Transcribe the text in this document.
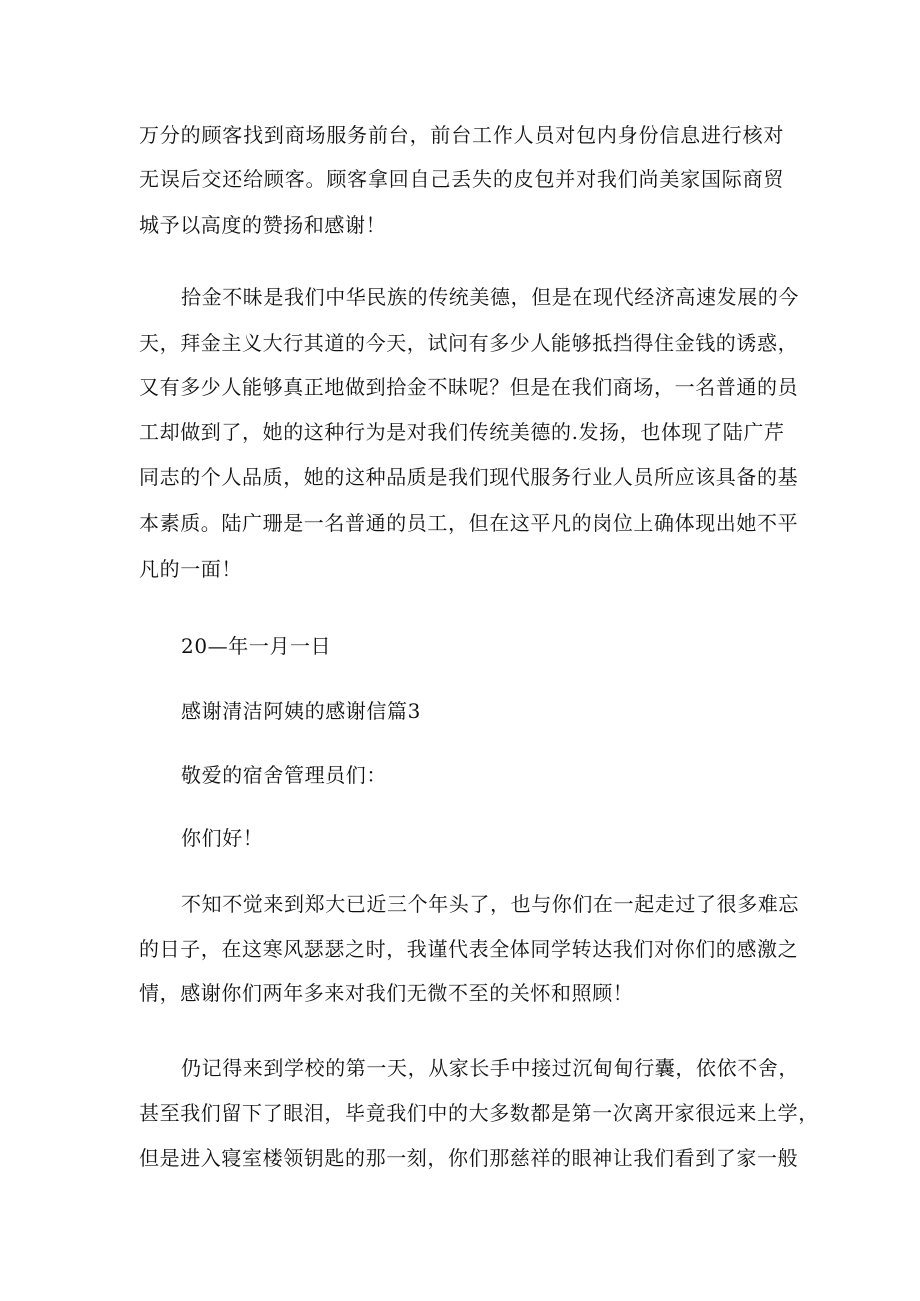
万分的顾客找到商场服务前台，前台工作人员对包内身份信息进行核对
无误后交还给顾客。顾客拿回自己丢失的皮包并对我们尚美家国际商贸
城予以高度的赞扬和感谢！
拾金不昧是我们中华民族的传统美德，但是在现代经济高速发展的今
天，拜金主义大行其道的今天，试问有多少人能够抵挡得住金钱的诱惑，
又有多少人能够真正地做到拾金不昧呢？但是在我们商场，一名普通的员
工却做到了，她的这种行为是对我们传统美德的.发扬，也体现了陆广芹
同志的个人品质，她的这种品质是我们现代服务行业人员所应该具备的基
本素质。陆广珊是一名普通的员工，但在这平凡的岗位上确体现出她不平
凡的一面！
20—年一月一日
感谢清洁阿姨的感谢信篇3
敬爱的宿舍管理员们：
你们好！
不知不觉来到郑大已近三个年头了，也与你们在一起走过了很多难忘
的日子，在这寒风瑟瑟之时，我谨代表全体同学转达我们对你们的感激之
情，感谢你们两年多来对我们无微不至的关怀和照顾！
仍记得来到学校的第一天，从家长手中接过沉甸甸行囊，依依不舍，
甚至我们留下了眼泪，毕竟我们中的大多数都是第一次离开家很远来上学，
但是进入寝室楼领钥匙的那一刻，你们那慈祥的眼神让我们看到了家一般
